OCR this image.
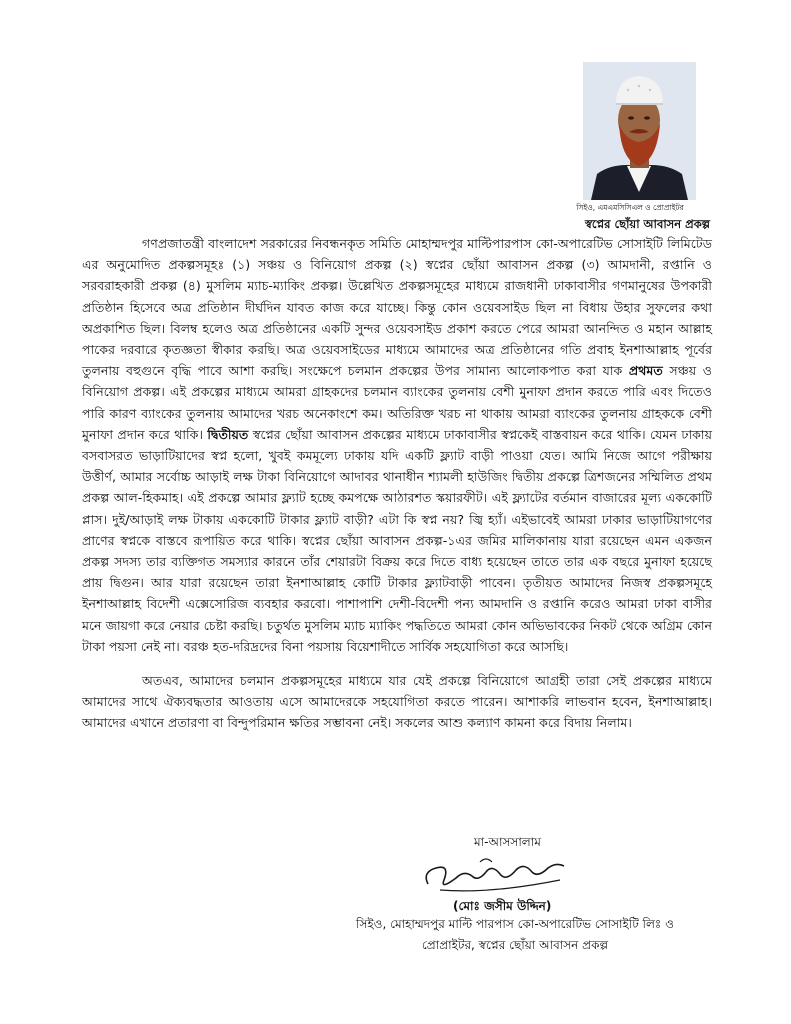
সিইও, এমএমসিসিএল ও প্রোপ্রাইটর
স্বপ্নের ছোঁয়া আবাসন প্রকল্প

গণপ্রজাতন্ত্রী বাংলাদেশ সরকারের নিবন্ধনকৃত সমিতি মোহাম্মদপুর মাল্টিপারপাস কো-অপারেটিভ সোসাইটি লিমিটেড এর অনুমোদিত প্রকল্পসমূহঃ (১) সঞ্চয় ও বিনিয়োগ প্রকল্প (২) স্বপ্নের ছোঁয়া আবাসন প্রকল্প (৩) আমদানী, রপ্তানি ও সরবরাহকারী প্রকল্প (৪) মুসলিম ম্যাচ-ম্যাকিং প্রকল্প। উল্লেখিত প্রকল্পসমূহের মাধ্যমে রাজধানী ঢাকাবাসীর গণমানুষের উপকারী প্রতিষ্ঠান হিসেবে অত্র প্রতিষ্ঠান দীর্ঘদিন যাবত কাজ করে যাচ্ছে। কিন্তু কোন ওয়েবসাইড ছিল না বিধায় উহার সুফলের কথা অপ্রকাশিত ছিল। বিলম্ব হলেও অত্র প্রতিষ্ঠানের একটি সুন্দর ওয়েবসাইড প্রকাশ করতে পেরে আমরা আনন্দিত ও মহান আল্লাহ পাকের দরবারে কৃতজ্ঞতা স্বীকার করছি। অত্র ওয়েবসাইডের মাধ্যমে আমাদের অত্র প্রতিষ্ঠানের গতি প্রবাহ ইনশাআল্লাহ পূর্বের তুলনায় বহুগুনে বৃদ্ধি পাবে আশা করছি। সংক্ষেপে চলমান প্রকল্পের উপর সামান্য আলোকপাত করা যাক প্রথমত সঞ্চয় ও বিনিয়োগ প্রকল্প। এই প্রকল্পের মাধ্যমে আমরা গ্রাহকদের চলমান ব্যাংকের তুলনায় বেশী মুনাফা প্রদান করতে পারি এবং দিতেও পারি কারণ ব্যাংকের তুলনায় আমাদের খরচ অনেকাংশে কম। অতিরিক্ত খরচ না থাকায় আমরা ব্যাংকের তুলনায় গ্রাহককে বেশী মুনাফা প্রদান করে থাকি। দ্বিতীয়ত স্বপ্নের ছোঁয়া আবাসন প্রকল্পের মাধ্যমে ঢাকাবাসীর স্বপ্নকেই বাস্তবায়ন করে থাকি। যেমন ঢাকায় বসবাসরত ভাড়াটিয়াদের স্বপ্ন হলো, খুবই কমমূল্যে ঢাকায় যদি একটি ফ্ল্যাট বাড়ী পাওয়া যেত। আমি নিজে আগে পরীক্ষায় উত্তীর্ণ, আমার সর্বোচ্চ আড়াই লক্ষ টাকা বিনিয়োগে আদাবর থানাধীন শ্যামলী হাউজিং দ্বিতীয় প্রকল্পে ত্রিশজনের সম্মিলিত প্রথম প্রকল্প আল-হিকমাহ। এই প্রকল্পে আমার ফ্ল্যাট হচ্ছে কমপক্ষে আঠারশত স্কয়ারফীট। এই ফ্ল্যাটের বর্তমান বাজারের মূল্য এককোটি প্লাস। দুই/আড়াই লক্ষ টাকায় এককোটি টাকার ফ্ল্যাট বাড়ী? এটা কি স্বপ্ন নয়? জ্বি হ্যাঁ। এইভাবেই আমরা ঢাকার ভাড়াটিয়াগণের প্রাণের স্বপ্নকে বাস্তবে রূপায়িত করে থাকি। স্বপ্নের ছোঁয়া আবাসন প্রকল্প-১এর জমির মালিকানায় যারা রয়েছেন এমন একজন প্রকল্প সদস্য তার ব্যক্তিগত সমস্যার কারনে তাঁর শেয়ারটা বিক্রয় করে দিতে বাধ্য হয়েছেন তাতে তার এক বছরে মুনাফা হয়েছে প্রায় দ্বিগুন। আর যারা রয়েছেন তারা ইনশাআল্লাহ কোটি টাকার ফ্ল্যাটবাড়ী পাবেন। তৃতীয়ত আমাদের নিজস্ব প্রকল্পসমূহে ইনশাআল্লাহ বিদেশী এক্সেসোরিজ ব্যবহার করবো। পাশাপাশি দেশী-বিদেশী পন্য আমদানি ও রপ্তানি করেও আমরা ঢাকা বাসীর মনে জায়গা করে নেয়ার চেষ্টা করছি। চতুর্থত মুসলিম ম্যাচ ম্যাকিং পদ্ধতিতে আমরা কোন অভিভাবকের নিকট থেকে অগ্রিম কোন টাকা পয়সা নেই না। বরঞ্চ হত-দরিদ্রদের বিনা পয়সায় বিয়েশাদীতে সার্বিক সহযোগিতা করে আসছি।

অতএব, আমাদের চলমান প্রকল্পসমূহের মাধ্যমে যার যেই প্রকল্পে বিনিয়োগে আগ্রহী তারা সেই প্রকল্পের মাধ্যমে আমাদের সাথে ঐক্যবদ্ধতার আওতায় এসে আমাদেরকে সহযোগিতা করতে পারেন। আশাকরি লাভবান হবেন, ইনশাআল্লাহ। আমাদের এখানে প্রতারণা বা বিন্দুপরিমান ক্ষতির সম্ভাবনা নেই। সকলের আশু কল্যাণ কামনা করে বিদায় নিলাম।

মা-আসসালাম
(মোঃ জসীম উদ্দিন)
সিইও, মোহাম্মদপুর মাল্টি পারপাস কো-অপারেটিভ সোসাইটি লিঃ ও
প্রোপ্রাইটর, স্বপ্নের ছোঁয়া আবাসন প্রকল্প
